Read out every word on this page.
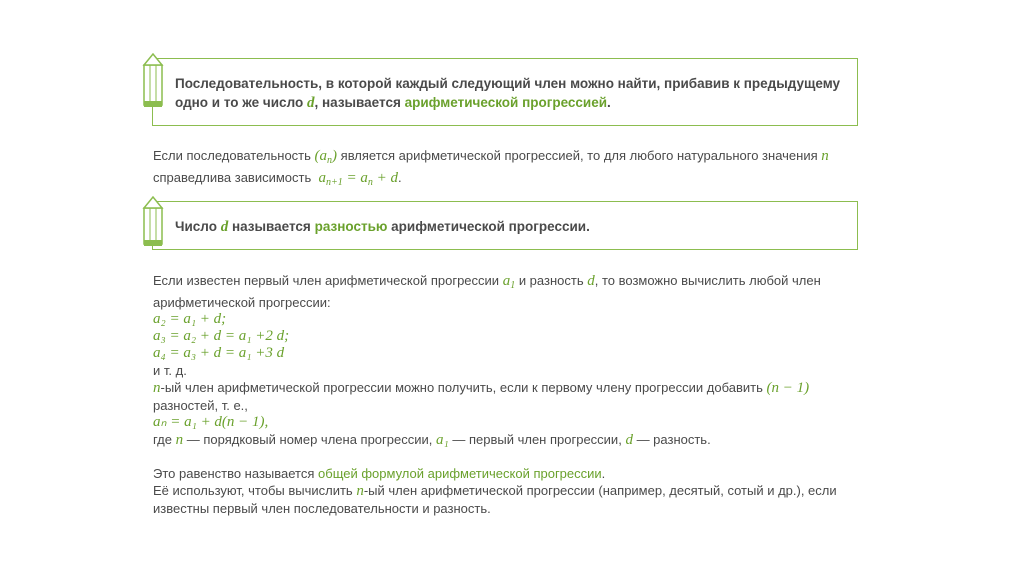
Последовательность, в которой каждый следующий член можно найти, прибавив к предыдущему
одно и то же число d, называется арифметической прогрессией.
Если последовательность $(a_n)$ является арифметической прогрессией, то для любого натурального значения n
справедлива зависимость $a_{n+1} = a_n + d$.
Число d называется разностью арифметической прогрессии.
Если известен первый член арифметической прогрессии $a_1$ и разность d, то возможно вычислить любой член
арифметической прогрессии:
a₂ = a₁ + d;
a₃ = a₂ + d = a₁ +2 d;
a₄ = a₃ + d = a₁ +3 d
и т. д.
n-ый член арифметической прогрессии можно получить, если к первому члену прогрессии добавить (n − 1)
разностей, т. е.,
aₙ = a₁ + d(n − 1),
где n — порядковый номер члена прогрессии, a₁ — первый член прогрессии, d — разность.
Это равенство называется общей формулой арифметической прогрессии.
Её используют, чтобы вычислить n-ый член арифметической прогрессии (например, десятый, сотый и др.), если
известны первый член последовательности и разность.
